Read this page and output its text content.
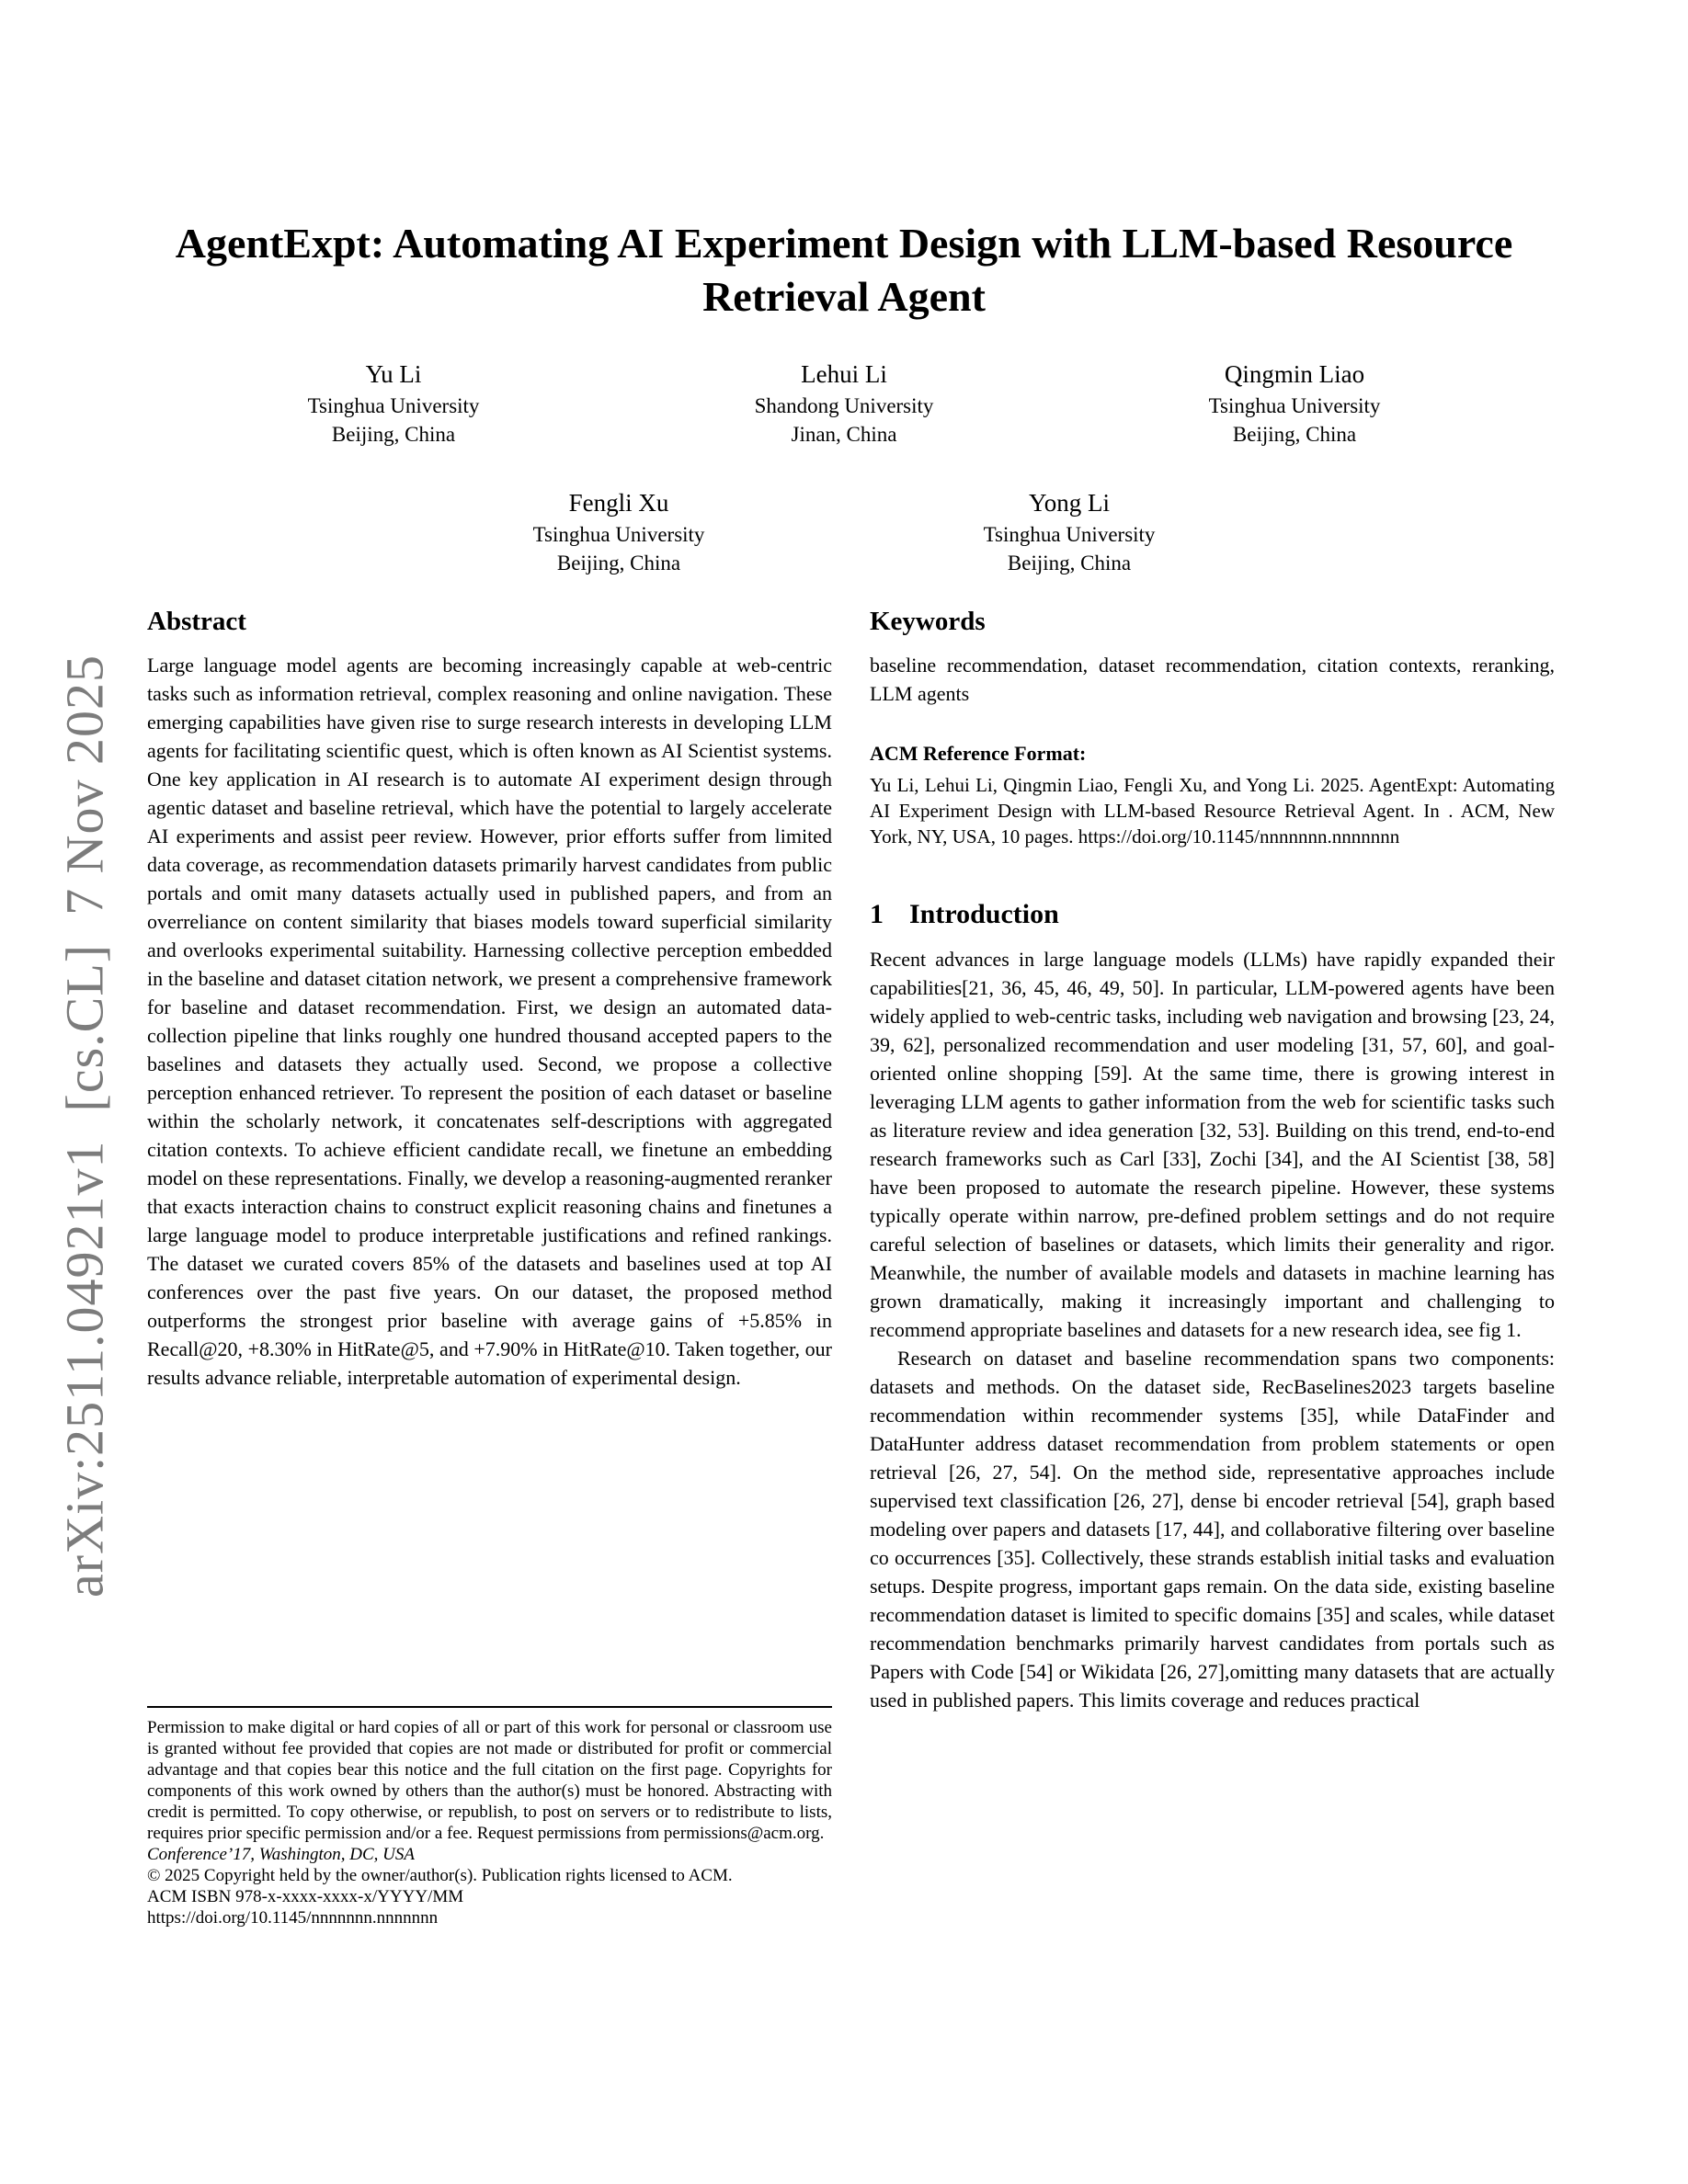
arXiv:2511.04921v1  [cs.CL]  7 Nov 2025
AgentExpt: Automating AI Experiment Design with LLM-based Resource Retrieval Agent
Yu Li
Tsinghua University
Beijing, China
Lehui Li
Shandong University
Jinan, China
Qingmin Liao
Tsinghua University
Beijing, China
Fengli Xu
Tsinghua University
Beijing, China
Yong Li
Tsinghua University
Beijing, China
Abstract

Large language model agents are becoming increasingly capable at web-centric tasks such as information retrieval, complex reasoning and online navigation. These emerging capabilities have given rise to surge research interests in developing LLM agents for facilitating scientific quest, which is often known as AI Scientist systems. One key application in AI research is to automate AI experiment design through agentic dataset and baseline retrieval, which have the potential to largely accelerate AI experiments and assist peer review. However, prior efforts suffer from limited data coverage, as recommendation datasets primarily harvest candidates from public portals and omit many datasets actually used in published papers, and from an overreliance on content similarity that biases models toward superficial similarity and overlooks experimental suitability. Harnessing collective perception embedded in the baseline and dataset citation network, we present a comprehensive framework for baseline and dataset recommendation. First, we design an automated data-collection pipeline that links roughly one hundred thousand accepted papers to the baselines and datasets they actually used. Second, we propose a collective perception enhanced retriever. To represent the position of each dataset or baseline within the scholarly network, it concatenates self-descriptions with aggregated citation contexts. To achieve efficient candidate recall, we finetune an embedding model on these representations. Finally, we develop a reasoning-augmented reranker that exacts interaction chains to construct explicit reasoning chains and finetunes a large language model to produce interpretable justifications and refined rankings. The dataset we curated covers 85% of the datasets and baselines used at top AI conferences over the past five years. On our dataset, the proposed method outperforms the strongest prior baseline with average gains of +5.85% in Recall@20, +8.30% in HitRate@5, and +7.90% in HitRate@10. Taken together, our results advance reliable, interpretable automation of experimental design.

Keywords

baseline recommendation, dataset recommendation, citation contexts, reranking, LLM agents

ACM Reference Format:

Yu Li, Lehui Li, Qingmin Liao, Fengli Xu, and Yong Li. 2025. AgentExpt: Automating AI Experiment Design with LLM-based Resource Retrieval Agent. In . ACM, New York, NY, USA, 10 pages. https://doi.org/10.1145/nnnnnnn.nnnnnnn

1 Introduction

Recent advances in large language models (LLMs) have rapidly expanded their capabilities[21, 36, 45, 46, 49, 50]. In particular, LLM-powered agents have been widely applied to web-centric tasks, including web navigation and browsing [23, 24, 39, 62], personalized recommendation and user modeling [31, 57, 60], and goal-oriented online shopping [59]. At the same time, there is growing interest in leveraging LLM agents to gather information from the web for scientific tasks such as literature review and idea generation [32, 53]. Building on this trend, end-to-end research frameworks such as Carl [33], Zochi [34], and the AI Scientist [38, 58] have been proposed to automate the research pipeline. However, these systems typically operate within narrow, pre-defined problem settings and do not require careful selection of baselines or datasets, which limits their generality and rigor. Meanwhile, the number of available models and datasets in machine learning has grown dramatically, making it increasingly important and challenging to recommend appropriate baselines and datasets for a new research idea, see fig 1.

Research on dataset and baseline recommendation spans two components: datasets and methods. On the dataset side, RecBaselines2023 targets baseline recommendation within recommender systems [35], while DataFinder and DataHunter address dataset recommendation from problem statements or open retrieval [26, 27, 54]. On the method side, representative approaches include supervised text classification [26, 27], dense bi encoder retrieval [54], graph based modeling over papers and datasets [17, 44], and collaborative filtering over baseline co occurrences [35]. Collectively, these strands establish initial tasks and evaluation setups. Despite progress, important gaps remain. On the data side, existing baseline recommendation dataset is limited to specific domains [35] and scales, while dataset recommendation benchmarks primarily harvest candidates from portals such as Papers with Code [54] or Wikidata [26, 27],omitting many datasets that are actually used in published papers. This limits coverage and reduces practical

Permission to make digital or hard copies of all or part of this work for personal or classroom use is granted without fee provided that copies are not made or distributed for profit or commercial advantage and that copies bear this notice and the full citation on the first page. Copyrights for components of this work owned by others than the author(s) must be honored. Abstracting with credit is permitted. To copy otherwise, or republish, to post on servers or to redistribute to lists, requires prior specific permission and/or a fee. Request permissions from permissions@acm.org.

Conference’17, Washington, DC, USA

© 2025 Copyright held by the owner/author(s). Publication rights licensed to ACM.

ACM ISBN 978-x-xxxx-xxxx-x/YYYY/MM

https://doi.org/10.1145/nnnnnnn.nnnnnnn
